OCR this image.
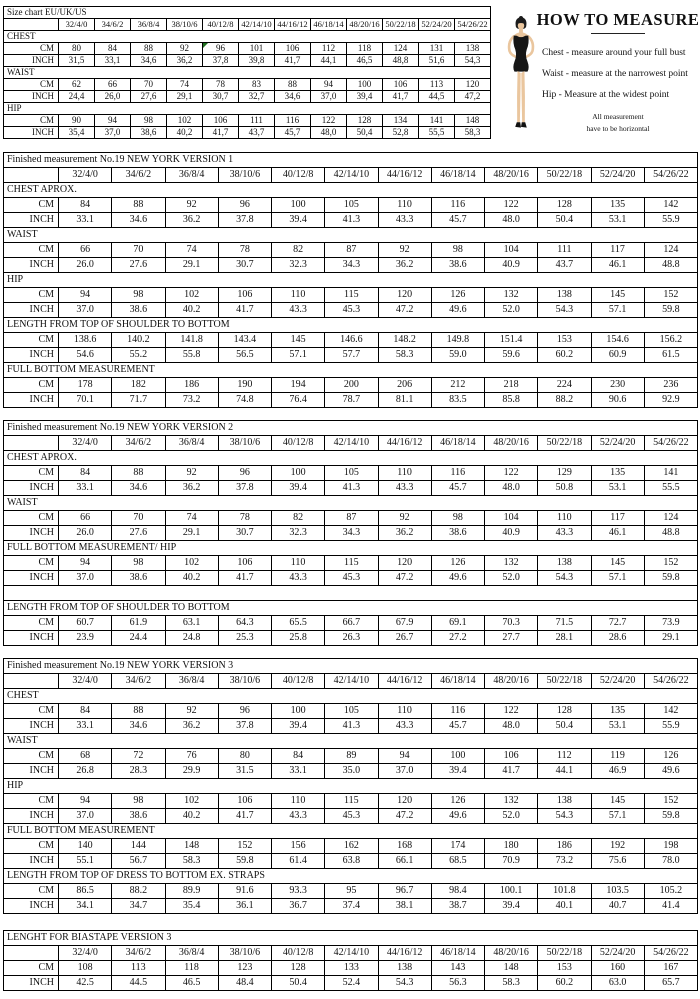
Size chart EU/UK/US												
	32/4/0	34/6/2	36/8/4	38/10/6	40/12/8	42/14/10	44/16/12	46/18/14	48/20/16	50/22/18	52/24/20	54/26/22
CHEST												
CM	80	84	88	92	96	101	106	112	118	124	131	138
INCH	31,5	33,1	34,6	36,2	37,8	39,8	41,7	44,1	46,5	48,8	51,6	54,3
WAIST												
CM	62	66	70	74	78	83	88	94	100	106	113	120
INCH	24,4	26,0	27,6	29,1	30,7	32,7	34,6	37,0	39,4	41,7	44,5	47,2
HIP												
CM	90	94	98	102	106	111	116	122	128	134	141	148
INCH	35,4	37,0	38,6	40,2	41,7	43,7	45,7	48,0	50,4	52,8	55,5	58,3
HOW TO MEASURE
Chest - measure around your full bust
Waist - measure at the narrowest point
Hip - Measure at the widest point
All measurement
have to be horizontal
Finished measurement No.19 NEW YORK VERSION 1												
	32/4/0	34/6/2	36/8/4	38/10/6	40/12/8	42/14/10	44/16/12	46/18/14	48/20/16	50/22/18	52/24/20	54/26/22
CHEST APROX.												
CM	84	88	92	96	100	105	110	116	122	128	135	142
INCH	33.1	34.6	36.2	37.8	39.4	41.3	43.3	45.7	48.0	50.4	53.1	55.9
WAIST												
CM	66	70	74	78	82	87	92	98	104	111	117	124
INCH	26.0	27.6	29.1	30.7	32.3	34.3	36.2	38.6	40.9	43.7	46.1	48.8
HIP												
CM	94	98	102	106	110	115	120	126	132	138	145	152
INCH	37.0	38.6	40.2	41.7	43.3	45.3	47.2	49.6	52.0	54.3	57.1	59.8
LENGTH FROM TOP OF SHOULDER TO BOTTOM												
CM	138.6	140.2	141.8	143.4	145	146.6	148.2	149.8	151.4	153	154.6	156.2
INCH	54.6	55.2	55.8	56.5	57.1	57.7	58.3	59.0	59.6	60.2	60.9	61.5
FULL BOTTOM MEASUREMENT												
CM	178	182	186	190	194	200	206	212	218	224	230	236
INCH	70.1	71.7	73.2	74.8	76.4	78.7	81.1	83.5	85.8	88.2	90.6	92.9
Finished measurement No.19 NEW YORK VERSION 2												
	32/4/0	34/6/2	36/8/4	38/10/6	40/12/8	42/14/10	44/16/12	46/18/14	48/20/16	50/22/18	52/24/20	54/26/22
CHEST APROX.												
CM	84	88	92	96	100	105	110	116	122	129	135	141
INCH	33.1	34.6	36.2	37.8	39.4	41.3	43.3	45.7	48.0	50.8	53.1	55.5
WAIST												
CM	66	70	74	78	82	87	92	98	104	110	117	124
INCH	26.0	27.6	29.1	30.7	32.3	34.3	36.2	38.6	40.9	43.3	46.1	48.8
FULL BOTTOM MEASUREMENT/ HIP												
CM	94	98	102	106	110	115	120	126	132	138	145	152
INCH	37.0	38.6	40.2	41.7	43.3	45.3	47.2	49.6	52.0	54.3	57.1	59.8

LENGTH FROM TOP OF SHOULDER TO BOTTOM												
CM	60.7	61.9	63.1	64.3	65.5	66.7	67.9	69.1	70.3	71.5	72.7	73.9
INCH	23.9	24.4	24.8	25.3	25.8	26.3	26.7	27.2	27.7	28.1	28.6	29.1
Finished measurement No.19 NEW YORK VERSION 3												
	32/4/0	34/6/2	36/8/4	38/10/6	40/12/8	42/14/10	44/16/12	46/18/14	48/20/16	50/22/18	52/24/20	54/26/22
CHEST												
CM	84	88	92	96	100	105	110	116	122	128	135	142
INCH	33.1	34.6	36.2	37.8	39.4	41.3	43.3	45.7	48.0	50.4	53.1	55.9
WAIST												
CM	68	72	76	80	84	89	94	100	106	112	119	126
INCH	26.8	28.3	29.9	31.5	33.1	35.0	37.0	39.4	41.7	44.1	46.9	49.6
HIP												
CM	94	98	102	106	110	115	120	126	132	138	145	152
INCH	37.0	38.6	40.2	41.7	43.3	45.3	47.2	49.6	52.0	54.3	57.1	59.8
FULL BOTTOM MEASUREMENT												
CM	140	144	148	152	156	162	168	174	180	186	192	198
INCH	55.1	56.7	58.3	59.8	61.4	63.8	66.1	68.5	70.9	73.2	75.6	78.0
LENGTH FROM TOP OF DRESS TO BOTTOM EX. STRAPS												
CM	86.5	88.2	89.9	91.6	93.3	95	96.7	98.4	100.1	101.8	103.5	105.2
INCH	34.1	34.7	35.4	36.1	36.7	37.4	38.1	38.7	39.4	40.1	40.7	41.4
LENGHT FOR BIASTAPE VERSION 3												
	32/4/0	34/6/2	36/8/4	38/10/6	40/12/8	42/14/10	44/16/12	46/18/14	48/20/16	50/22/18	52/24/20	54/26/22
CM	108	113	118	123	128	133	138	143	148	153	160	167
INCH	42.5	44.5	46.5	48.4	50.4	52.4	54.3	56.3	58.3	60.2	63.0	65.7
